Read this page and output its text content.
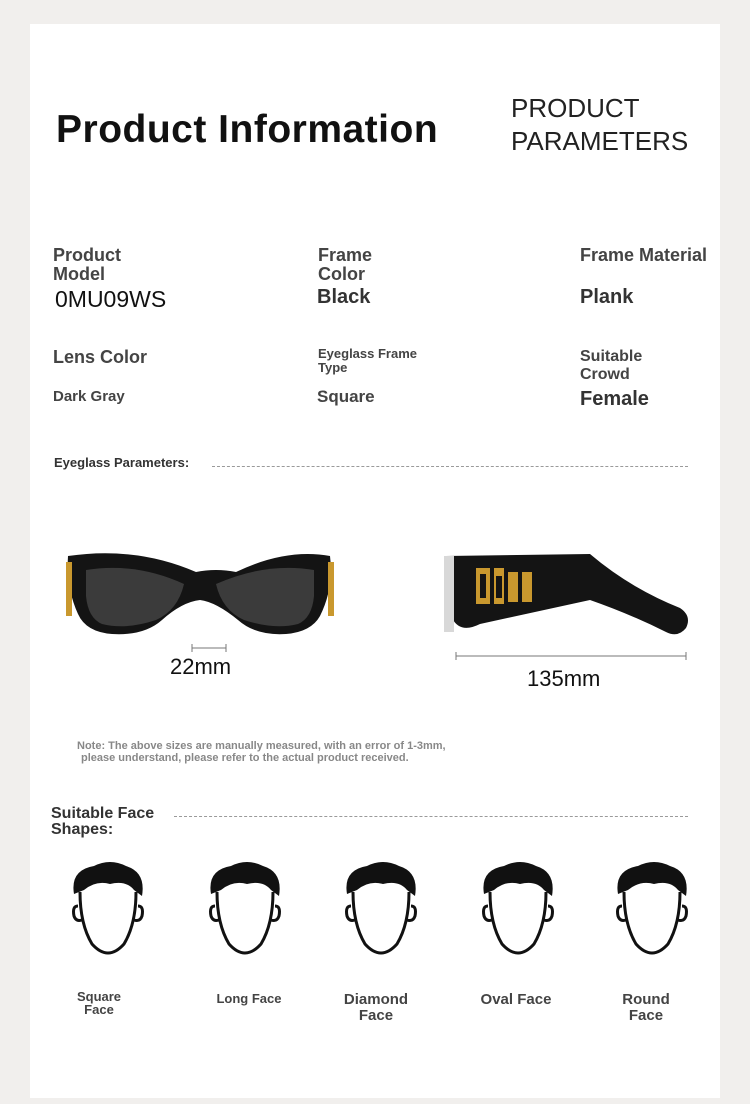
Product Information	PRODUCT
PARAMETERS
Product Model
0MU09WS
Frame Color
Black
Frame Material
Plank
Lens Color
Dark Gray
Eyeglass Frame Type
Square
Suitable Crowd
Female
Eyeglass Parameters:
22mm	135mm
Note: The above sizes are manually measured, with an error of 1-3mm,
please understand, please refer to the actual product received.
Suitable Face Shapes:
Square Face
Long Face	Diamond Face
Oval Face	Round Face
